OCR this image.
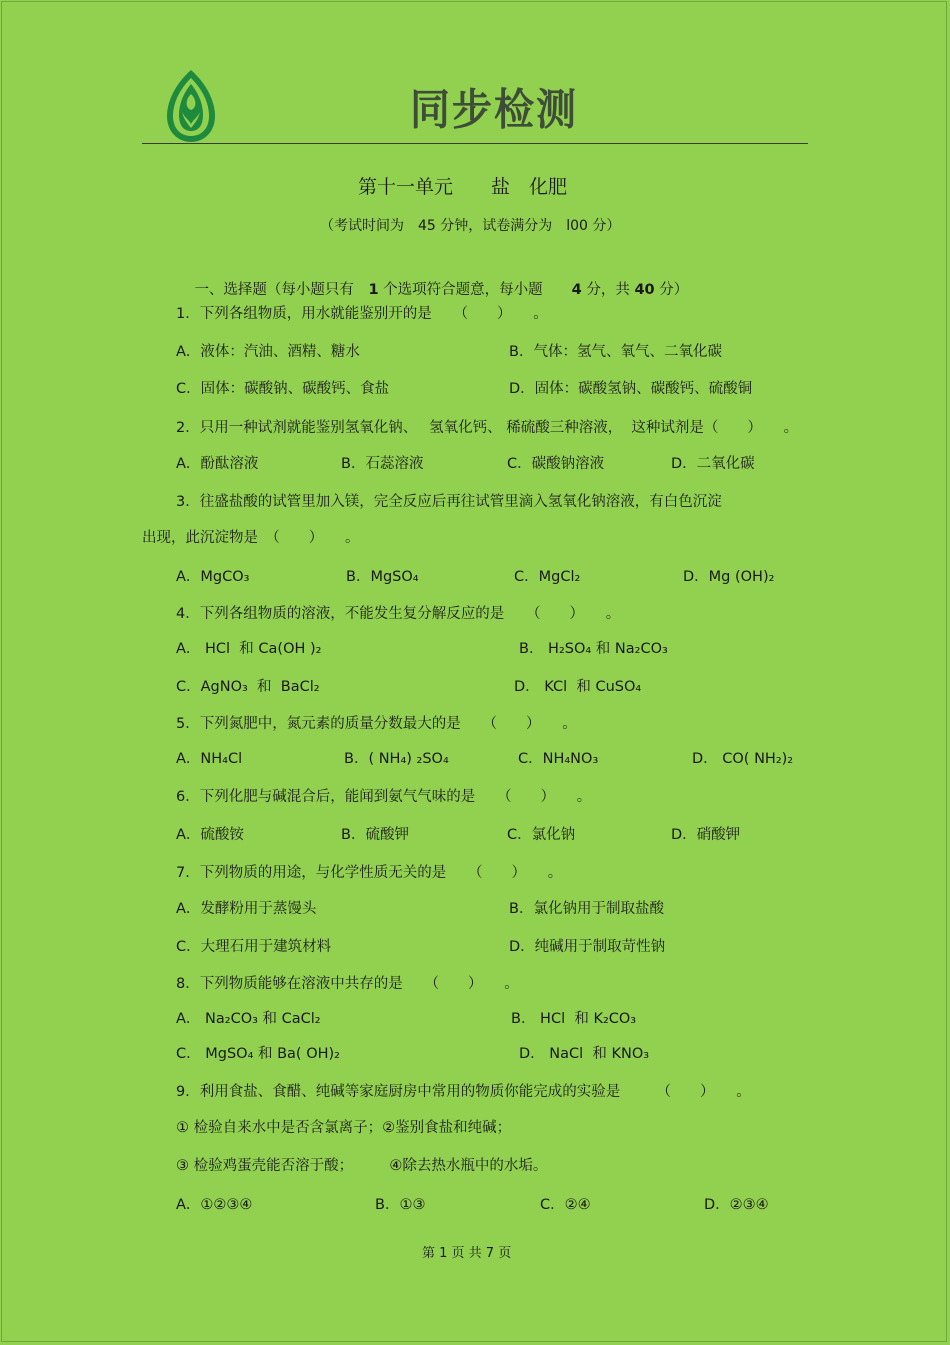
同步检测
第十一单元　　盐　化肥
（考试时间为　45 分钟，试卷满分为　l00 分）

一、选择题（每小题只有　1 个选项符合题意，每小题　　4 分，共 40 分）

1．下列各组物质，用水就能鉴别开的是　　（　　）　　。
A．液体：汽油、酒精、糖水	B．气体：氢气、氧气、二氧化碳
C．固体：碳酸钠、碳酸钙、食盐	D．固体：碳酸氢钠、碳酸钙、硫酸铜
2．只用一种试剂就能鉴别氢氧化钠、　 氢氧化钙、 稀硫酸三种溶液，  这种试剂是（　　）　　。
A．酚酞溶液	B．石蕊溶液	C．碳酸钠溶液	D．二氧化碳
3．往盛盐酸的试管里加入镁，完全反应后再往试管里滴入氢氧化钠溶液，有白色沉淀
出现，此沉淀物是　（　　）　　。
A．MgCO₃	B．MgSO₄	C．MgCl₂	D．Mg (OH)₂
4．下列各组物质的溶液，不能发生复分解反应的是　　（　　）　　。
A． HCl  和 Ca(OH )₂	B． H₂SO₄ 和 Na₂CO₃
C．AgNO₃  和  BaCl₂	D． KCl  和 CuSO₄
5．下列氮肥中，氮元素的质量分数最大的是　　（　　）　　。
A．NH₄Cl	B．( NH₄) ₂SO₄	C．NH₄NO₃	D． CO( NH₂)₂
6．下列化肥与碱混合后，能闻到氨气气味的是　　（　　）　　。
A．硫酸铵	B．硫酸钾	C．氯化钠	D．硝酸钾
7．下列物质的用途，与化学性质无关的是　　（　　）　　。
A．发酵粉用于蒸馒头	B．氯化钠用于制取盐酸
C．大理石用于建筑材料	D．纯碱用于制取苛性钠
8．下列物质能够在溶液中共存的是　　（　　）　　。
A． Na₂CO₃ 和 CaCl₂	B． HCl  和 K₂CO₃
C． MgSO₄ 和 Ba( OH)₂	D． NaCl  和 KNO₃
9．利用食盐、食醋、纯碱等家庭厨房中常用的物质你能完成的实验是　　　（　　）　　。
① 检验自来水中是否含氯离子；②鉴别食盐和纯碱；
③ 检验鸡蛋壳能否溶于酸；　　　④除去热水瓶中的水垢。
A．①②③④	B．①③	C．②④	D．②③④
第 1 页 共 7 页
